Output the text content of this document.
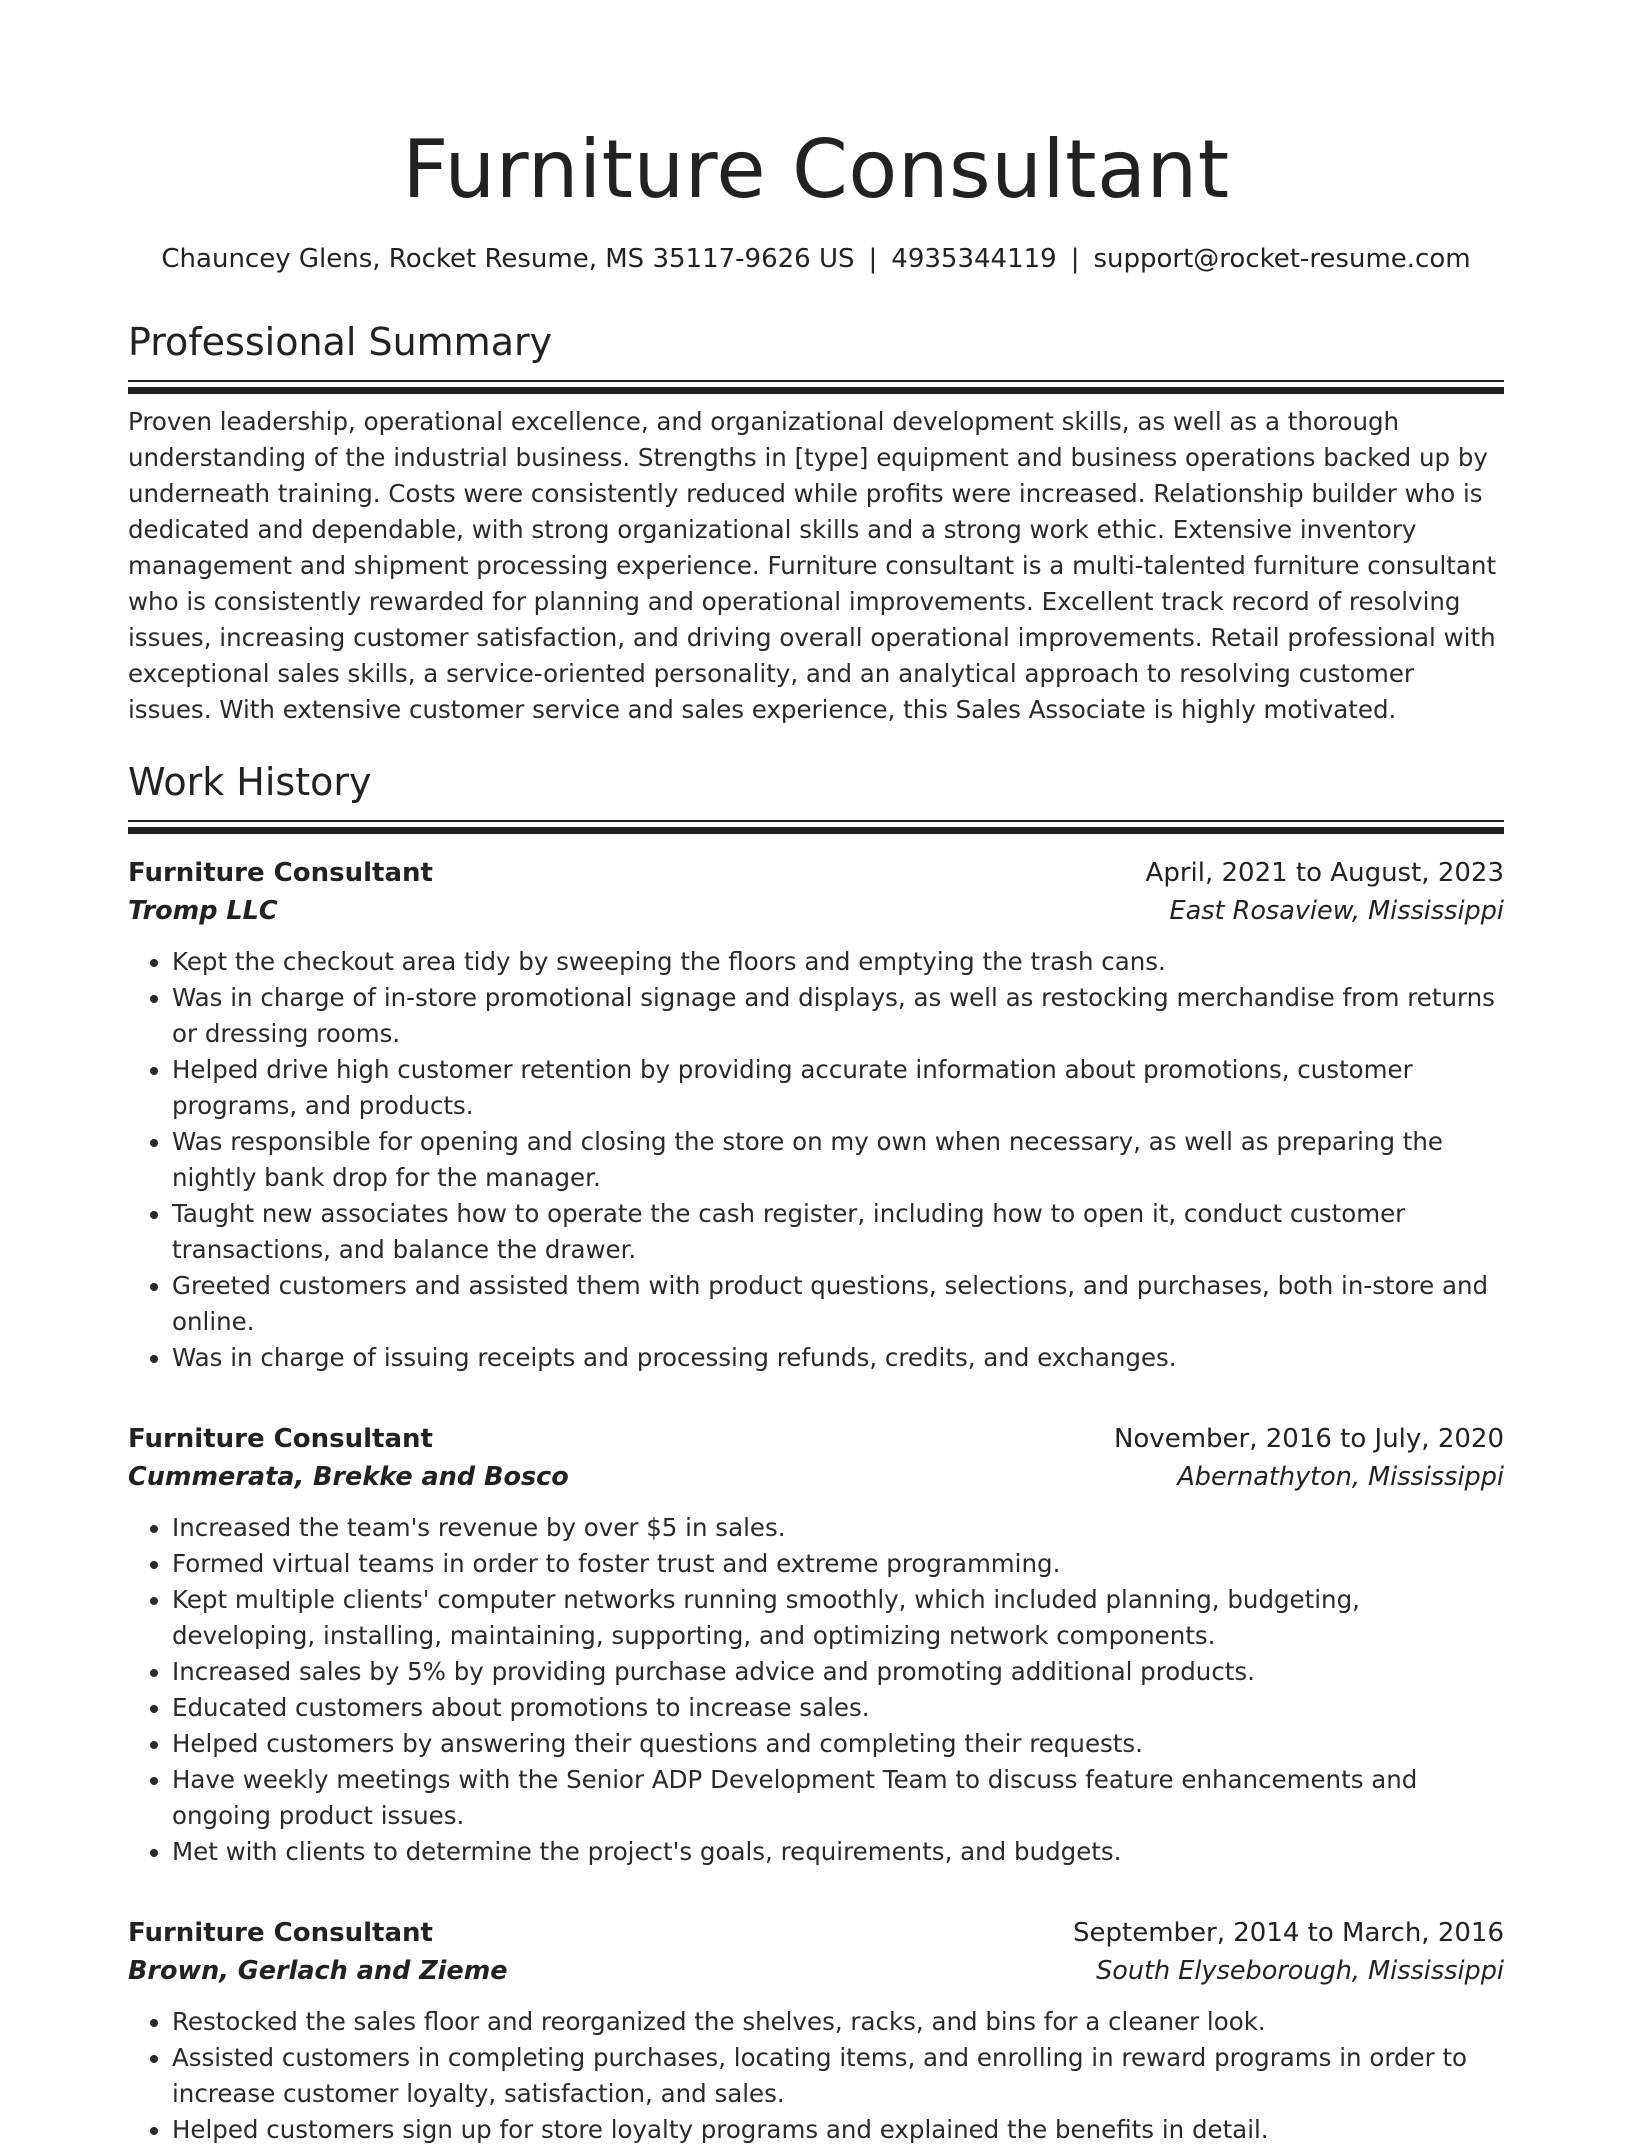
Furniture Consultant
Chauncey Glens, Rocket Resume, MS 35117-9626 US | 4935344119 | support@rocket-resume.com
Professional Summary

Proven leadership, operational excellence, and organizational development skills, as well as a thorough understanding of the industrial business. Strengths in [type] equipment and business operations backed up by underneath training. Costs were consistently reduced while profits were increased. Relationship builder who is dedicated and dependable, with strong organizational skills and a strong work ethic. Extensive inventory management and shipment processing experience. Furniture consultant is a multi-talented furniture consultant who is consistently rewarded for planning and operational improvements. Excellent track record of resolving issues, increasing customer satisfaction, and driving overall operational improvements. Retail professional with exceptional sales skills, a service-oriented personality, and an analytical approach to resolving customer issues. With extensive customer service and sales experience, this Sales Associate is highly motivated.

Work History
Furniture Consultant	April, 2021 to August, 2023
Tromp LLC	East Rosaview, Mississippi
• Kept the checkout area tidy by sweeping the floors and emptying the trash cans.
• Was in charge of in-store promotional signage and displays, as well as restocking merchandise from returns or dressing rooms.
• Helped drive high customer retention by providing accurate information about promotions, customer programs, and products.
• Was responsible for opening and closing the store on my own when necessary, as well as preparing the nightly bank drop for the manager.
• Taught new associates how to operate the cash register, including how to open it, conduct customer transactions, and balance the drawer.
• Greeted customers and assisted them with product questions, selections, and purchases, both in-store and online.
• Was in charge of issuing receipts and processing refunds, credits, and exchanges.
Furniture Consultant	November, 2016 to July, 2020
Cummerata, Brekke and Bosco	Abernathyton, Mississippi
• Increased the team's revenue by over $5 in sales.
• Formed virtual teams in order to foster trust and extreme programming.
• Kept multiple clients' computer networks running smoothly, which included planning, budgeting, developing, installing, maintaining, supporting, and optimizing network components.
• Increased sales by 5% by providing purchase advice and promoting additional products.
• Educated customers about promotions to increase sales.
• Helped customers by answering their questions and completing their requests.
• Have weekly meetings with the Senior ADP Development Team to discuss feature enhancements and ongoing product issues.
• Met with clients to determine the project's goals, requirements, and budgets.
Furniture Consultant	September, 2014 to March, 2016
Brown, Gerlach and Zieme	South Elyseborough, Mississippi
• Restocked the sales floor and reorganized the shelves, racks, and bins for a cleaner look.
• Assisted customers in completing purchases, locating items, and enrolling in reward programs in order to increase customer loyalty, satisfaction, and sales.
• Helped customers sign up for store loyalty programs and explained the benefits in detail.
